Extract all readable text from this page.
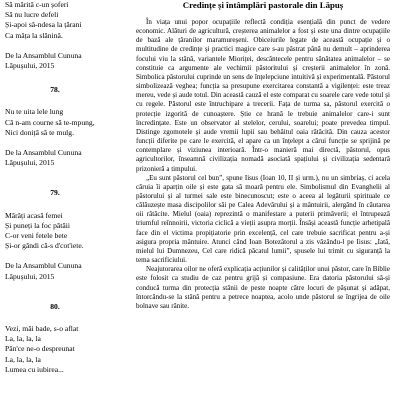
Să mărită c-un șoferi
Să nu lucre defeli
Și-apoi să-ndesa la țărani
Ca mâța la slănină.
De la Ansamblul Cununa Lăpușului, 2015
78.
Nu te uita lele lung
Că n-am courne să te-mpung,
Nici donițâ să te mulg.
De la Ansamblul Cununa Lăpușului, 2015
79.
Mărăți acasă femei
Și puneți la foc pătăii
C-or veni fetele bete
Și-or gândi că-s d'cot'iete.
De la Ansamblul Cununa Lăpușului, 2015
80.
Vezi, măi bade, s-o aflat
La, la, la, la
Pân'ce ne-o despreunat
La, la, la, la
Lumea cu iubirea...
Credințe și întâmplări pastorale din Lăpuș

În viața unui popor ocupațiile reflectă condiția esențială din punct de vedere economic. Alături de agricultură, creșterea animalelor a fost și este una dintre ocupațiile de bază ale țăranilor maramureșeni. Obiceiurile legate de această ocupație și o multitudine de credințe și practici magice care s-au păstrat până nu demult – aprinderea focului viu la stână, variantele Mioriței, descântecele pentru sănătatea animalelor – se constituie ca argumente ale vechimii păstoritului și creșterii animalelor în zonă. Simbolica păstorului cuprinde un sens de înțelepciune intuitivă și experimentală. Păstorul simbolizează veghea; funcția sa presupune exercitarea constantă a vigilenței: este treaz mereu, vede și aude totul. Din această cauză el este comparat cu soarele care vede totul și cu regele. Păstorul este întruchipare a trecerii. Fața de turma sa, păstorul exercită o protecție izgorită de cunoaștere. Știe ce hrană le trebuie animalelor care-i sunt încredințate. Este un observator al stelelor, cerului, soarelui; poate prevedea timpul. Distinge zgomotele și aude vremii lupii sau behăitul oaia rătăcită. Din cauza acestor funcții diferite pe care le exercită, el apare ca un înțelept a cărui funcție se sprijină pe contemplare și viziunea interioară. Într-o manieră mai directă, păstorul, opus agricultorilor, înseamnă civilizația nomadă asociată spațiului și civilizația sedentară prizonieră a timpului.

„Eu sunt păstorul cel bun”, spune Iisus (Ioan 10, II și urm.), nu un simbriaș, ci acela căruia îi aparțin oile și este gata să moară pentru ele. Simbolismul din Evanghelii al păstorului și al turmei sale este binecunoscut; este o aceea al legăturii spirituale ce călăuzește masa discipolilor săi pe Calea Adevărului și a mântuirii, alergând în căutarea oii rătăcite. Mielul (oaia) reprezintă o manifestare a puterii primăverii; el întrupează triumful reînnoirii, victoria ciclică a vieții asupra morții. Însăși această funcție arhetipală face din el victima propițiatorie prin excelență, cel care trebuie sacrificat pentru a-și asigura propria mântuire. Atunci când Ioan Botezătorul a zis văzându-l pe Iisus: „Iată, mielul lui Dumnezeu, Cel care ridică păcatul lumii”, spusele lui trimit cu siguranță la tema sacrificiului.

Neajutorarea oilor ne oferă explicația acțiunilor și calităților unui păstor, care în Biblie este folosit ca studiu de caz pentru grijă și compasiune. Era datoria păstorului să-și conducă turma din protecția stânii de peste noapte către locuri de pășunat și adăpat, întorcându-se la stână pentru a petrece noaptea, acolo unde păstorul se îngrijea de oile bolnave sau rănite.
